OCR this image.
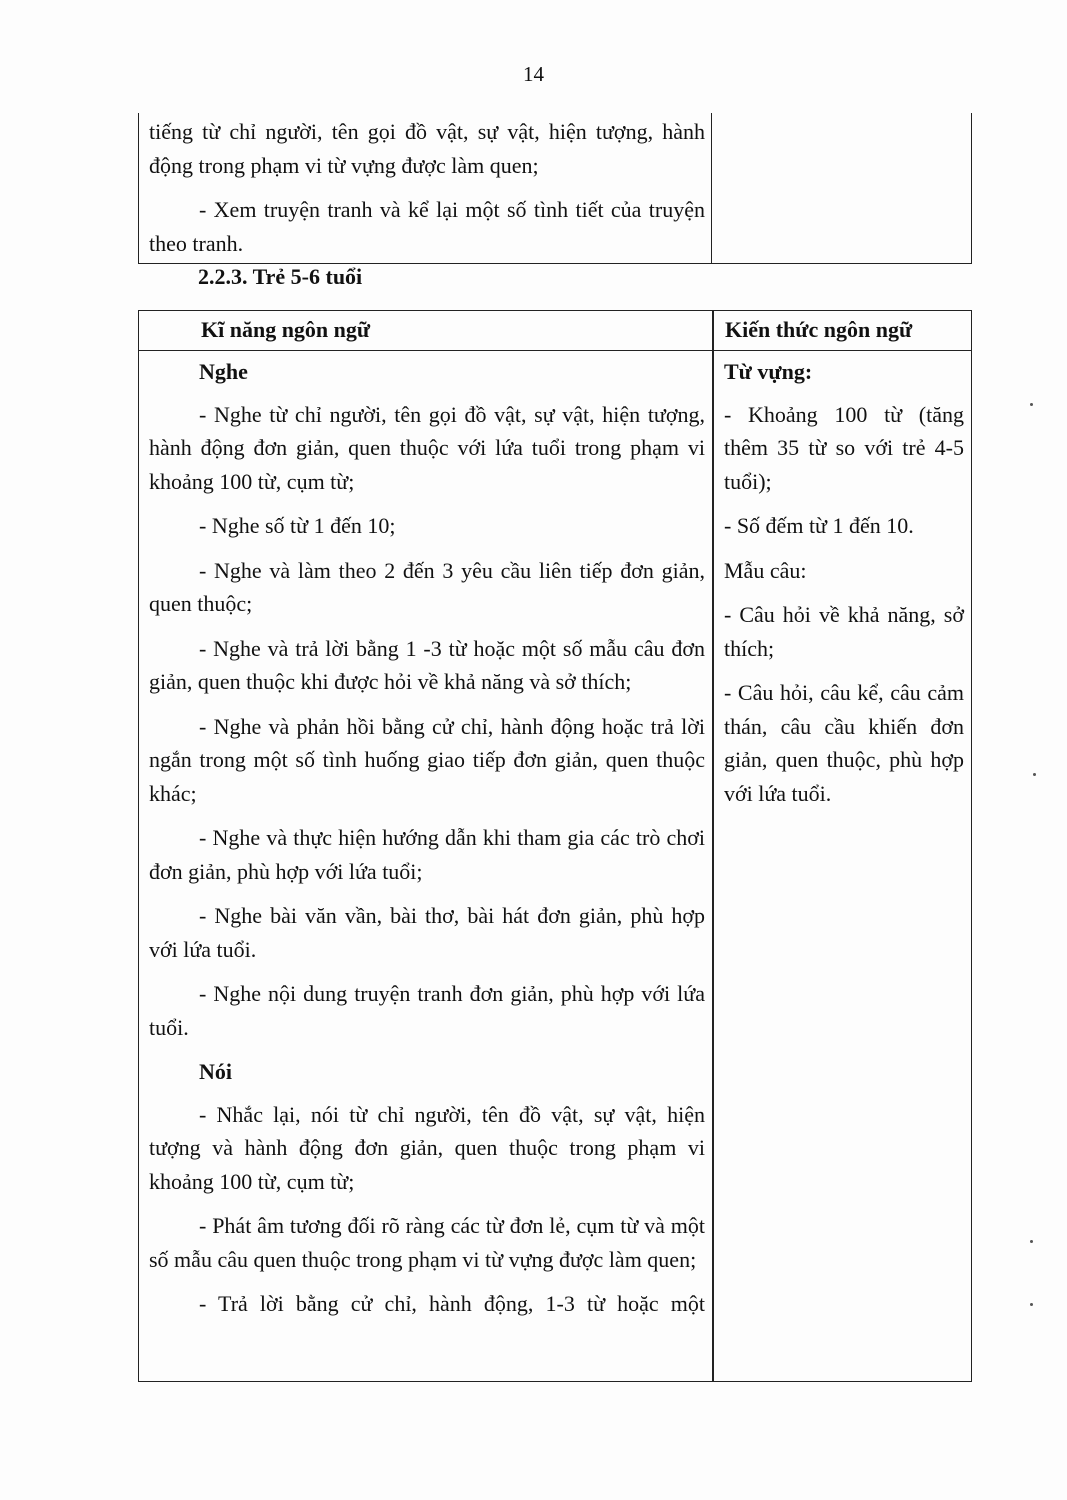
14

tiếng từ chỉ người, tên gọi đồ vật, sự vật, hiện tượng, hành động trong phạm vi từ vựng được làm quen;

- Xem truyện tranh và kể lại một số tình tiết của truyện theo tranh.

2.2.3. Trẻ 5-6 tuổi
Kĩ năng ngôn ngữ	Kiến thức ngôn ngữ
Nghe

- Nghe từ chỉ người, tên gọi đồ vật, sự vật, hiện tượng, hành động đơn giản, quen thuộc với lứa tuổi trong phạm vi khoảng 100 từ, cụm từ;

- Nghe số từ 1 đến 10;

- Nghe và làm theo 2 đến 3 yêu cầu liên tiếp đơn giản, quen thuộc;

- Nghe và trả lời bằng 1 -3 từ hoặc một số mẫu câu đơn giản, quen thuộc khi được hỏi về khả năng và sở thích;

- Nghe và phản hồi bằng cử chỉ, hành động hoặc trả lời ngắn trong một số tình huống giao tiếp đơn giản, quen thuộc khác;

- Nghe và thực hiện hướng dẫn khi tham gia các trò chơi đơn giản, phù hợp với lứa tuổi;

- Nghe bài văn vần, bài thơ, bài hát đơn giản, phù hợp với lứa tuổi.

- Nghe nội dung truyện tranh đơn giản, phù hợp với lứa tuổi.

Nói

- Nhắc lại, nói từ chỉ người, tên đồ vật, sự vật, hiện tượng và hành động đơn giản, quen thuộc trong phạm vi khoảng 100 từ, cụm từ;

- Phát âm tương đối rõ ràng các từ đơn lẻ, cụm từ và một số mẫu câu quen thuộc trong phạm vi từ vựng được làm quen;

- Trả lời bằng cử chỉ, hành động, 1-3 từ hoặc một

Từ vựng:

- Khoảng 100 từ (tăng thêm 35 từ so với trẻ 4-5 tuổi);

- Số đếm từ 1 đến 10.

Mẫu câu:

- Câu hỏi về khả năng, sở thích;

- Câu hỏi, câu kể, câu cảm thán, câu cầu khiến đơn giản, quen thuộc, phù hợp với lứa tuổi.
